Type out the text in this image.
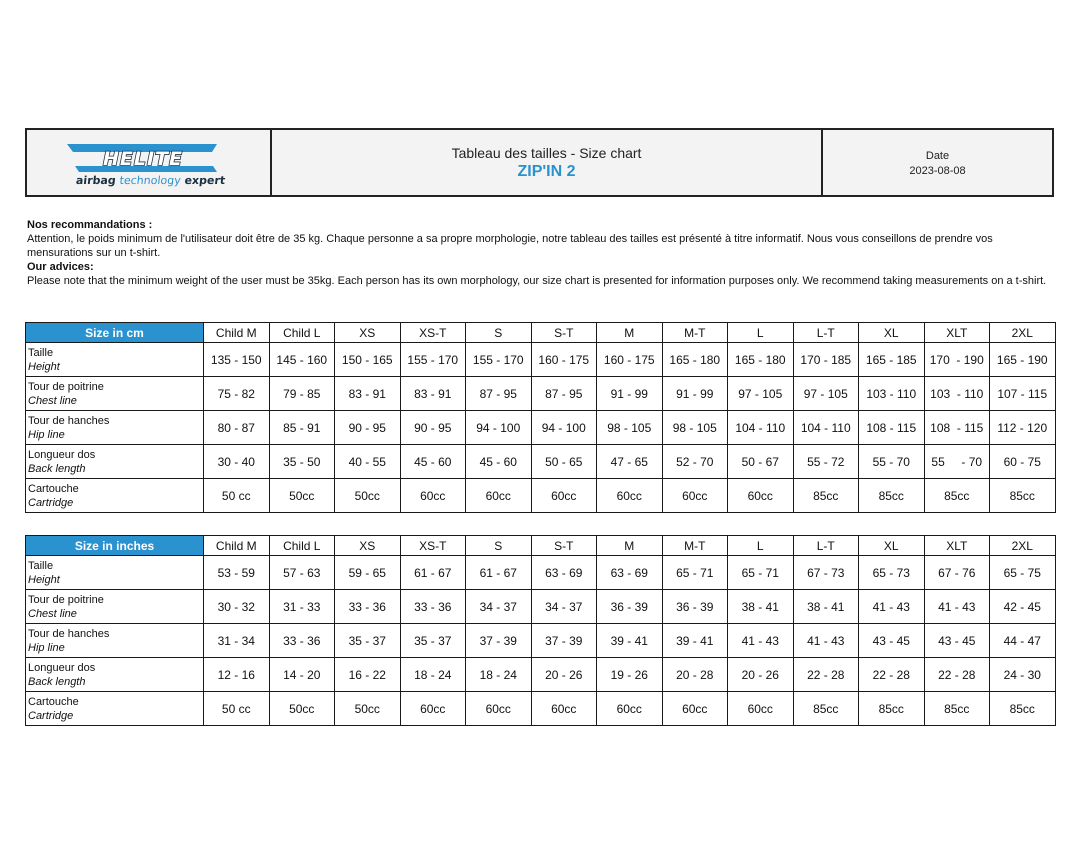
HELITE
airbag technology expert
Tableau des tailles - Size chart
ZIP'IN 2
Date
2023-08-08
Nos recommandations :
Attention, le poids minimum de l'utilisateur doit être de 35 kg. Chaque personne a sa propre morphologie, notre tableau des tailles est présenté à titre informatif. Nous vous conseillons de prendre vos mensurations sur un t-shirt.
Our advices:
Please note that the minimum weight of the user must be 35kg. Each person has its own morphology, our size chart is presented for information purposes only. We recommend taking measurements on a t-shirt.
Size in cm	Child M	Child L	XS	XS-T	S	S-T	M	M-T	L	L-T	XL	XLT	2XL

Taille
Height	135 - 150	145 - 160	150 - 165	155 - 170	155 - 170	160 - 175	160 - 175	165 - 180	165 - 180	170 - 185	165 - 185	170  - 190	165 - 190

Tour de poitrine
Chest line	75 - 82	79 - 85	83 - 91	83 - 91	87 - 95	87 - 95	91 - 99	91 - 99	97 - 105	97 - 105	103 - 110	103  - 110	107 - 115

Tour de hanches
Hip line	80 - 87	85 - 91	90 - 95	90 - 95	94 - 100	94 - 100	98 - 105	98 - 105	104 - 110	104 - 110	108 - 115	108  - 115	112 - 120

Longueur dos
Back length	30 - 40	35 - 50	40 - 55	45 - 60	45 - 60	50 - 65	47 - 65	52 - 70	50 - 67	55 - 72	55 - 70	55     - 70	60 - 75

Cartouche
Cartridge	50 cc	50cc	50cc	60cc	60cc	60cc	60cc	60cc	60cc	85cc	85cc	85cc	85cc
Size in inches	Child M	Child L	XS	XS-T	S	S-T	M	M-T	L	L-T	XL	XLT	2XL

Taille
Height	53 - 59	57 - 63	59 - 65	61 - 67	61 - 67	63 - 69	63 - 69	65 - 71	65 - 71	67 - 73	65 - 73	67 - 76	65 - 75

Tour de poitrine
Chest line	30 - 32	31 - 33	33 - 36	33 - 36	34 - 37	34 - 37	36 - 39	36 - 39	38 - 41	38 - 41	41 - 43	41 - 43	42 - 45

Tour de hanches
Hip line	31 - 34	33 - 36	35 - 37	35 - 37	37 - 39	37 - 39	39 - 41	39 - 41	41 - 43	41 - 43	43 - 45	43 - 45	44 - 47

Longueur dos
Back length	12 - 16	14 - 20	16 - 22	18 - 24	18 - 24	20 - 26	19 - 26	20 - 28	20 - 26	22 - 28	22 - 28	22 - 28	24 - 30

Cartouche
Cartridge	50 cc	50cc	50cc	60cc	60cc	60cc	60cc	60cc	60cc	85cc	85cc	85cc	85cc
